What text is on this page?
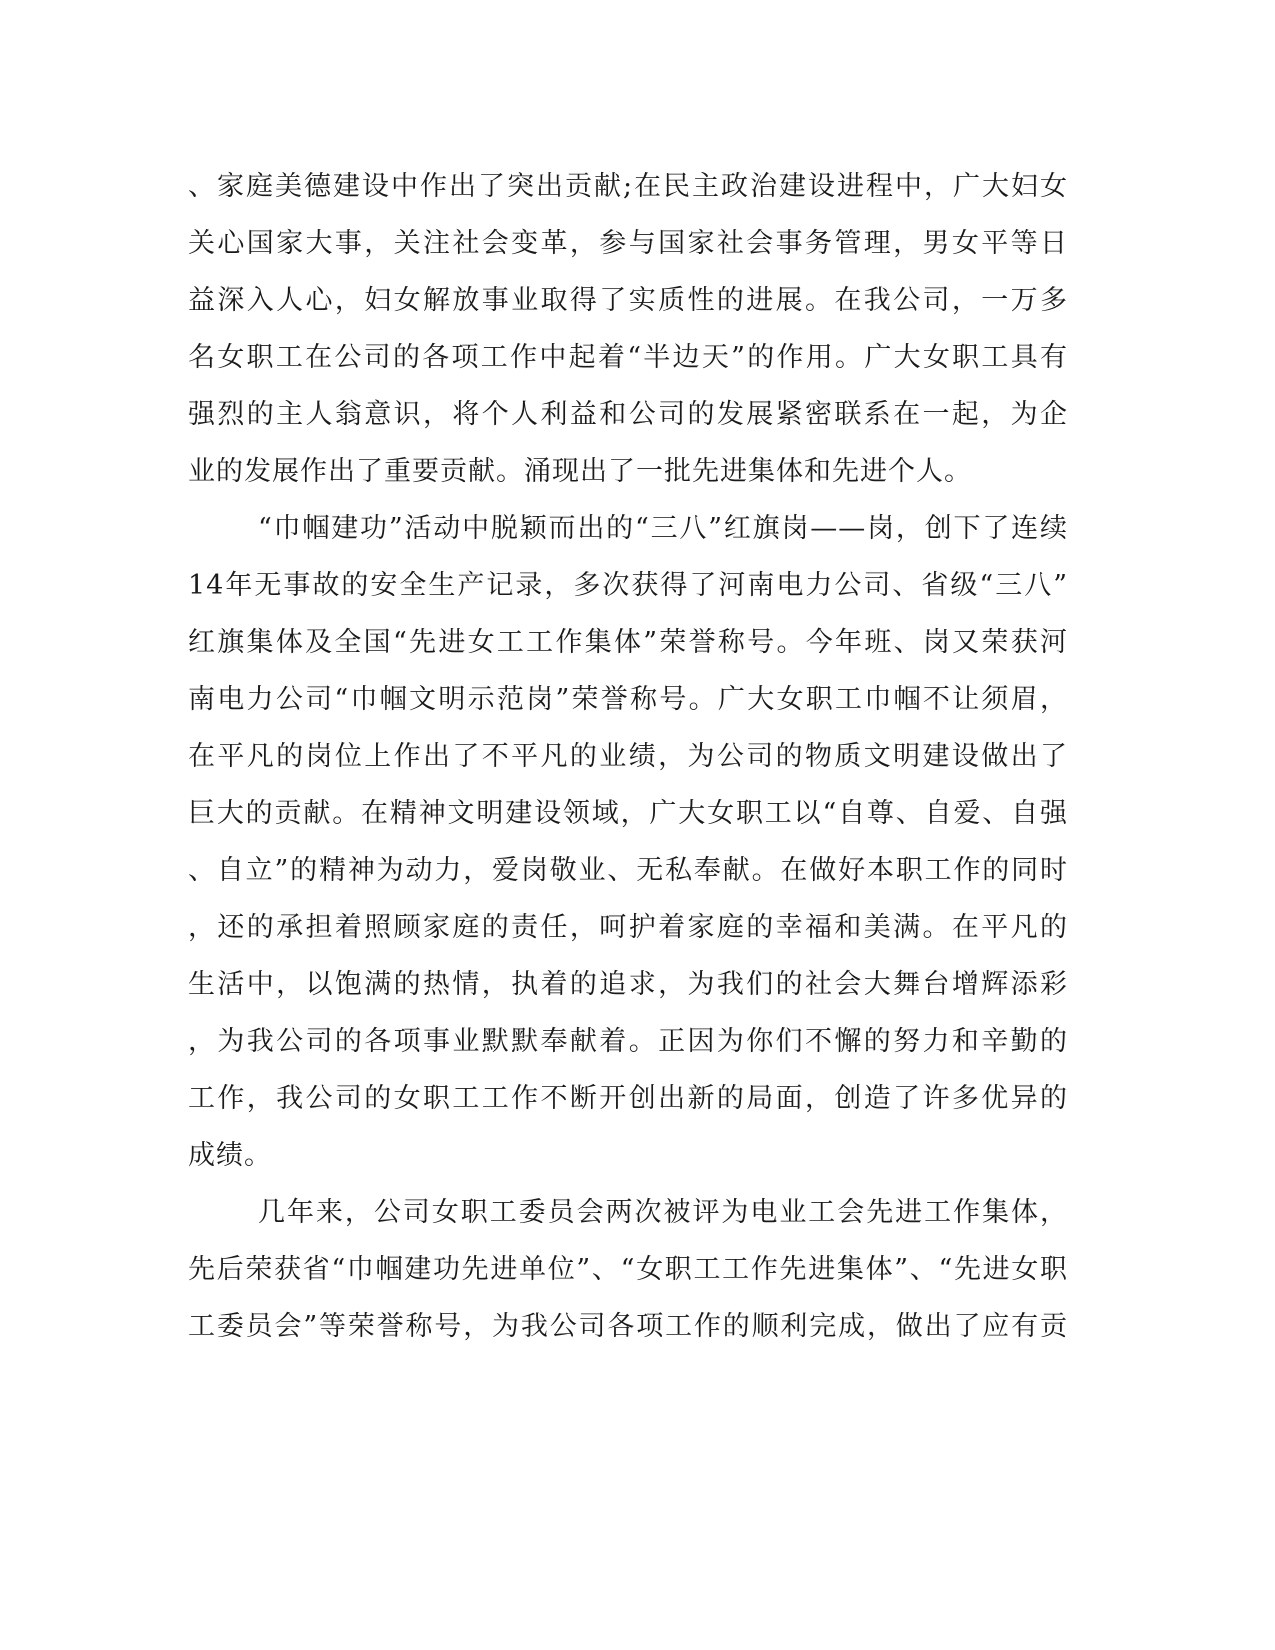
、家庭美德建设中作出了突出贡献;在民主政治建设进程中，广大妇女
关心国家大事，关注社会变革，参与国家社会事务管理，男女平等日
益深入人心，妇女解放事业取得了实质性的进展。在我公司，一万多
名女职工在公司的各项工作中起着“半边天”的作用。广大女职工具有
强烈的主人翁意识，将个人利益和公司的发展紧密联系在一起，为企
业的发展作出了重要贡献。涌现出了一批先进集体和先进个人。
“巾帼建功”活动中脱颖而出的“三八”红旗岗——岗，创下了连续
14年无事故的安全生产记录，多次获得了河南电力公司、省级“三八”
红旗集体及全国“先进女工工作集体”荣誉称号。今年班、岗又荣获河
南电力公司“巾帼文明示范岗”荣誉称号。广大女职工巾帼不让须眉，
在平凡的岗位上作出了不平凡的业绩，为公司的物质文明建设做出了
巨大的贡献。在精神文明建设领域，广大女职工以“自尊、自爱、自强
、自立”的精神为动力，爱岗敬业、无私奉献。在做好本职工作的同时
，还的承担着照顾家庭的责任，呵护着家庭的幸福和美满。在平凡的
生活中，以饱满的热情，执着的追求，为我们的社会大舞台增辉添彩
，为我公司的各项事业默默奉献着。正因为你们不懈的努力和辛勤的
工作，我公司的女职工工作不断开创出新的局面，创造了许多优异的
成绩。
几年来，公司女职工委员会两次被评为电业工会先进工作集体，
先后荣获省“巾帼建功先进单位”、“女职工工作先进集体”、“先进女职
工委员会”等荣誉称号，为我公司各项工作的顺利完成，做出了应有贡
